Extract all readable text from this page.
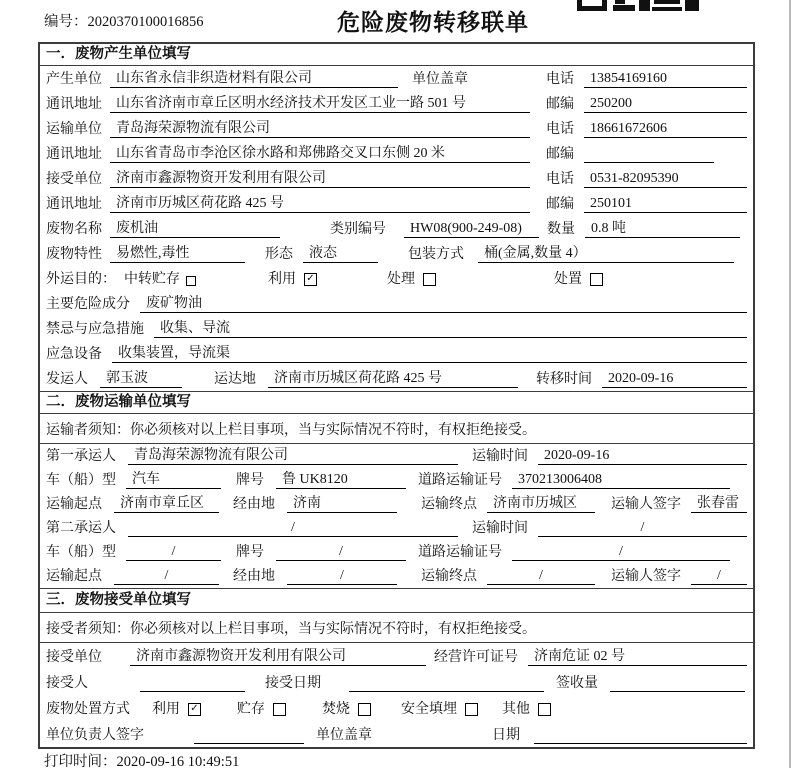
编号：2020370100016856	危险废物转移联单
一．废物产生单位填写
产生单位	山东省永信非织造材料有限公司	单位盖章	电话	13854169160
通讯地址	山东省济南市章丘区明水经济技术开发区工业一路 501 号	邮编	250200
运输单位	青岛海荣源物流有限公司	电话	18661672606
通讯地址	山东省青岛市李沧区徐水路和郑佛路交叉口东侧 20 米	邮编
接受单位	济南市鑫源物资开发利用有限公司	电话	0531-82095390
通讯地址	济南市历城区荷花路 425 号	邮编	250101
废物名称	废机油	类别编号	HW08(900-249-08)	数量	0.8 吨
废物特性	易燃性,毒性	形态	液态	包装方式	桶(金属,数量 4）
外运目的： 中转贮存	利用 ✓	处理	处置
主要危险成分	废矿物油
禁忌与应急措施	收集、导流
应急设备	收集装置，导流渠
发运人	郭玉波	运达地	济南市历城区荷花路 425 号	转移时间	2020-09-16
二．废物运输单位填写
运输者须知：你必须核对以上栏目事项，当与实际情况不符时，有权拒绝接受。
第一承运人	青岛海荣源物流有限公司	运输时间	2020-09-16
车（船）型	汽车	牌号	鲁 UK8120	道路运输证号	370213006408
运输起点	济南市章丘区	经由地	济南	运输终点	济南市历城区	运输人签字	张春雷
第二承运人	/	运输时间	/
车（船）型	/	牌号	/	道路运输证号	/
运输起点	/	经由地	/	运输终点	/	运输人签字	/
三．废物接受单位填写
接受者须知：你必须核对以上栏目事项，当与实际情况不符时，有权拒绝接受。
接受单位	济南市鑫源物资开发利用有限公司	经营许可证号	济南危证 02 号
接受人	接受日期	签收量
废物处置方式 利用 ✓	贮存	焚烧	安全填埋	其他
单位负责人签字	单位盖章	日期
打印时间：2020-09-16 10:49:51
